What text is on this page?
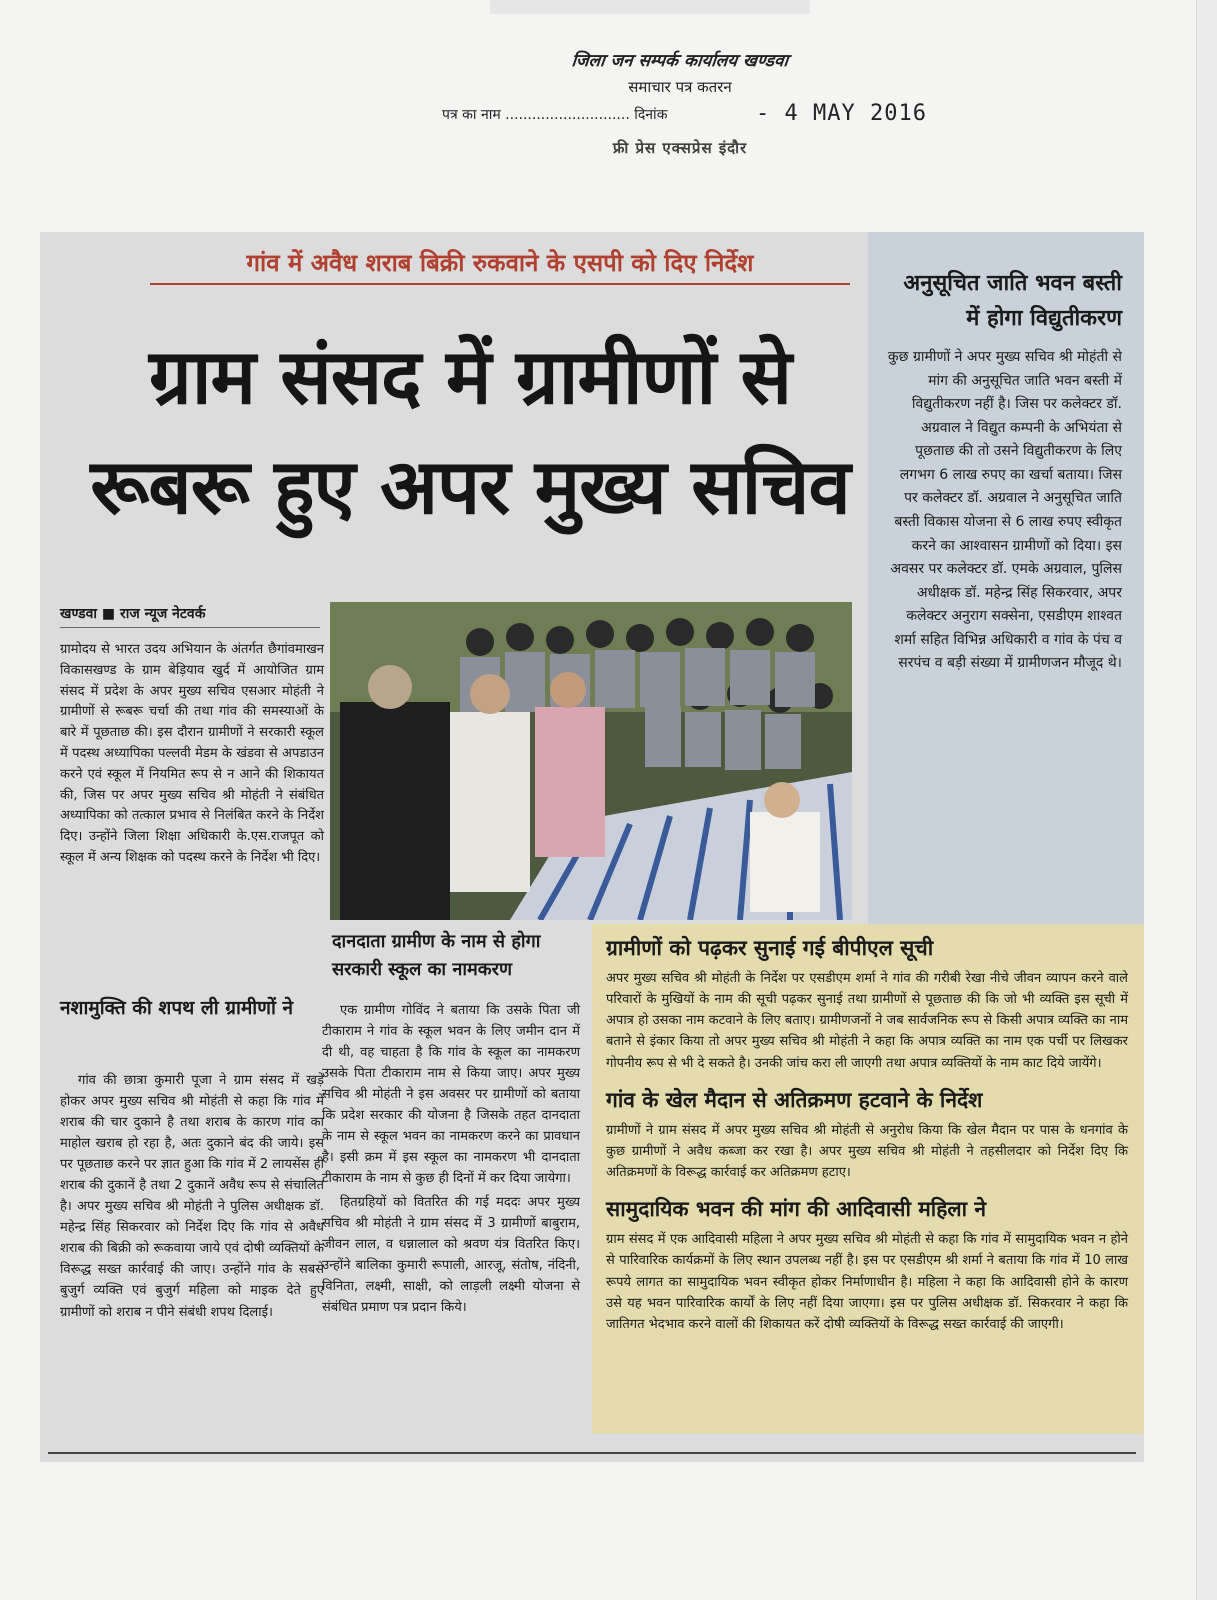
जिला जन सम्पर्क कार्यालय खण्डवा
समाचार पत्र कतरन
पत्र का नाम ............................ दिनांक	- 4 MAY 2016
फ्री प्रेस एक्सप्रेस इंदौर
गांव में अवैध शराब बिक्री रुकवाने के एसपी को दिए निर्देश
ग्राम संसद में ग्रामीणों से
रूबरू हुए अपर मुख्य सचिव
अनुसूचित जाति भवन बस्ती में होगा विद्युतीकरण
कुछ ग्रामीणों ने अपर मुख्य सचिव श्री मोहंती से मांग की अनुसूचित जाति भवन बस्ती में विद्युतीकरण नहीं है। जिस पर कलेक्टर डॉ. अग्रवाल ने विद्युत कम्पनी के अभियंता से पूछताछ की तो उसने विद्युतीकरण के लिए लगभग 6 लाख रुपए का खर्चा बताया। जिस पर कलेक्टर डॉ. अग्रवाल ने अनुसूचित जाति बस्ती विकास योजना से 6 लाख रुपए स्वीकृत करने का आश्वासन ग्रामीणों को दिया। इस अवसर पर कलेक्टर डॉ. एमके अग्रवाल, पुलिस अधीक्षक डॉ. महेन्द्र सिंह सिकरवार, अपर कलेक्टर अनुराग सक्सेना, एसडीएम शाश्वत शर्मा सहित विभिन्न अधिकारी व गांव के पंच व सरपंच व बड़ी संख्या में ग्रामीणजन मौजूद थे।
खण्डवा ■ राज न्यूज नेटवर्क
ग्रामोदय से भारत उदय अभियान के अंतर्गत छैगांवमाखन विकासखण्ड के ग्राम बेड़ियाव खुर्द में आयोजित ग्राम संसद में प्रदेश के अपर मुख्य सचिव एसआर मोहंती ने ग्रामीणों से रूबरू चर्चा की तथा गांव की समस्याओं के बारे में पूछताछ की। इस दौरान ग्रामीणों ने सरकारी स्कूल में पदस्थ अध्यापिका पल्लवी मेडम के खंडवा से अपडाउन करने एवं स्कूल में नियमित रूप से न आने की शिकायत की, जिस पर अपर मुख्य सचिव श्री मोहंती ने संबंधित अध्यापिका को तत्काल प्रभाव से निलंबित करने के निर्देश दिए। उन्होंने जिला शिक्षा अधिकारी के.एस.राजपूत को स्कूल में अन्य शिक्षक को पदस्थ करने के निर्देश भी दिए।
नशामुक्ति की शपथ ली ग्रामीणों ने
गांव की छात्रा कुमारी पूजा ने ग्राम संसद में खड़े होकर अपर मुख्य सचिव श्री मोहंती से कहा कि गांव में शराब की चार दुकाने है तथा शराब के कारण गांव का माहोल खराब हो रहा है, अतः दुकाने बंद की जाये। इस पर पूछताछ करने पर ज्ञात हुआ कि गांव में 2 लायसेंस ही शराब की दुकानें है तथा 2 दुकानें अवैध रूप से संचालित है। अपर मुख्य सचिव श्री मोहंती ने पुलिस अधीक्षक डॉ. महेन्द्र सिंह सिकरवार को निर्देश दिए कि गांव से अवैध शराब की बिक्री को रूकवाया जाये एवं दोषी व्यक्तियों के विरूद्ध सख्त कार्रवाई की जाए। उन्होंने गांव के सबसे बुजुर्ग व्यक्ति एवं बुजुर्ग महिला को माइक देते हुए ग्रामीणों को शराब न पीने संबंधी शपथ दिलाई।
दानदाता ग्रामीण के नाम से होगा सरकारी स्कूल का नामकरण
एक ग्रामीण गोविंद ने बताया कि उसके पिता जी टीकाराम ने गांव के स्कूल भवन के लिए जमीन दान में दी थी, वह चाहता है कि गांव के स्कूल का नामकरण उसके पिता टीकाराम नाम से किया जाए। अपर मुख्य सचिव श्री मोहंती ने इस अवसर पर ग्रामीणों को बताया कि प्रदेश सरकार की योजना है जिसके तहत दानदाता के नाम से स्कूल भवन का नामकरण करने का प्रावधान है। इसी क्रम में इस स्कूल का नामकरण भी दानदाता टीकाराम के नाम से कुछ ही दिनों में कर दिया जायेगा।
हितग्रहियों को वितरित की गई मददः अपर मुख्य सचिव श्री मोहंती ने ग्राम संसद में 3 ग्रामीणों बाबुराम, जीवन लाल, व धन्नालाल को श्रवण यंत्र वितरित किए। उन्होंने बालिका कुमारी रूपाली, आरजू, संतोष, नंदिनी, विनिता, लक्ष्मी, साक्षी, को लाड़ली लक्ष्मी योजना से संबंधित प्रमाण पत्र प्रदान किये।
ग्रामीणों को पढ़कर सुनाई गई बीपीएल सूची
अपर मुख्य सचिव श्री मोहंती के निर्देश पर एसडीएम शर्मा ने गांव की गरीबी रेखा नीचे जीवन व्यापन करने वाले परिवारों के मुखियों के नाम की सूची पढ़कर सुनाई तथा ग्रामीणों से पूछताछ की कि जो भी व्यक्ति इस सूची में अपात्र हो उसका नाम कटवाने के लिए बताए। ग्रामीणजनों ने जब सार्वजनिक रूप से किसी अपात्र व्यक्ति का नाम बताने से इंकार किया तो अपर मुख्य सचिव श्री मोहंती ने कहा कि अपात्र व्यक्ति का नाम एक पर्ची पर लिखकर गोपनीय रूप से भी दे सकते है। उनकी जांच करा ली जाएगी तथा अपात्र व्यक्तियों के नाम काट दिये जायेंगे।
गांव के खेल मैदान से अतिक्रमण हटवाने के निर्देश
ग्रामीणों ने ग्राम संसद में अपर मुख्य सचिव श्री मोहंती से अनुरोध किया कि खेल मैदान पर पास के धनगांव के कुछ ग्रामीणों ने अवैध कब्जा कर रखा है। अपर मुख्य सचिव श्री मोहंती ने तहसीलदार को निर्देश दिए कि अतिक्रमणों के विरूद्ध कार्रवाई कर अतिक्रमण हटाए।
सामुदायिक भवन की मांग की आदिवासी महिला ने
ग्राम संसद में एक आदिवासी महिला ने अपर मुख्य सचिव श्री मोहंती से कहा कि गांव में सामुदायिक भवन न होने से पारिवारिक कार्यक्रमों के लिए स्थान उपलब्ध नहीं है। इस पर एसडीएम श्री शर्मा ने बताया कि गांव में 10 लाख रूपये लागत का सामुदायिक भवन स्वीकृत होकर निर्माणाधीन है। महिला ने कहा कि आदिवासी होने के कारण उसे यह भवन पारिवारिक कार्यों के लिए नहीं दिया जाएगा। इस पर पुलिस अधीक्षक डॉ. सिकरवार ने कहा कि जातिगत भेदभाव करने वालों की शिकायत करें दोषी व्यक्तियों के विरूद्ध सख्त कार्रवाई की जाएगी।
